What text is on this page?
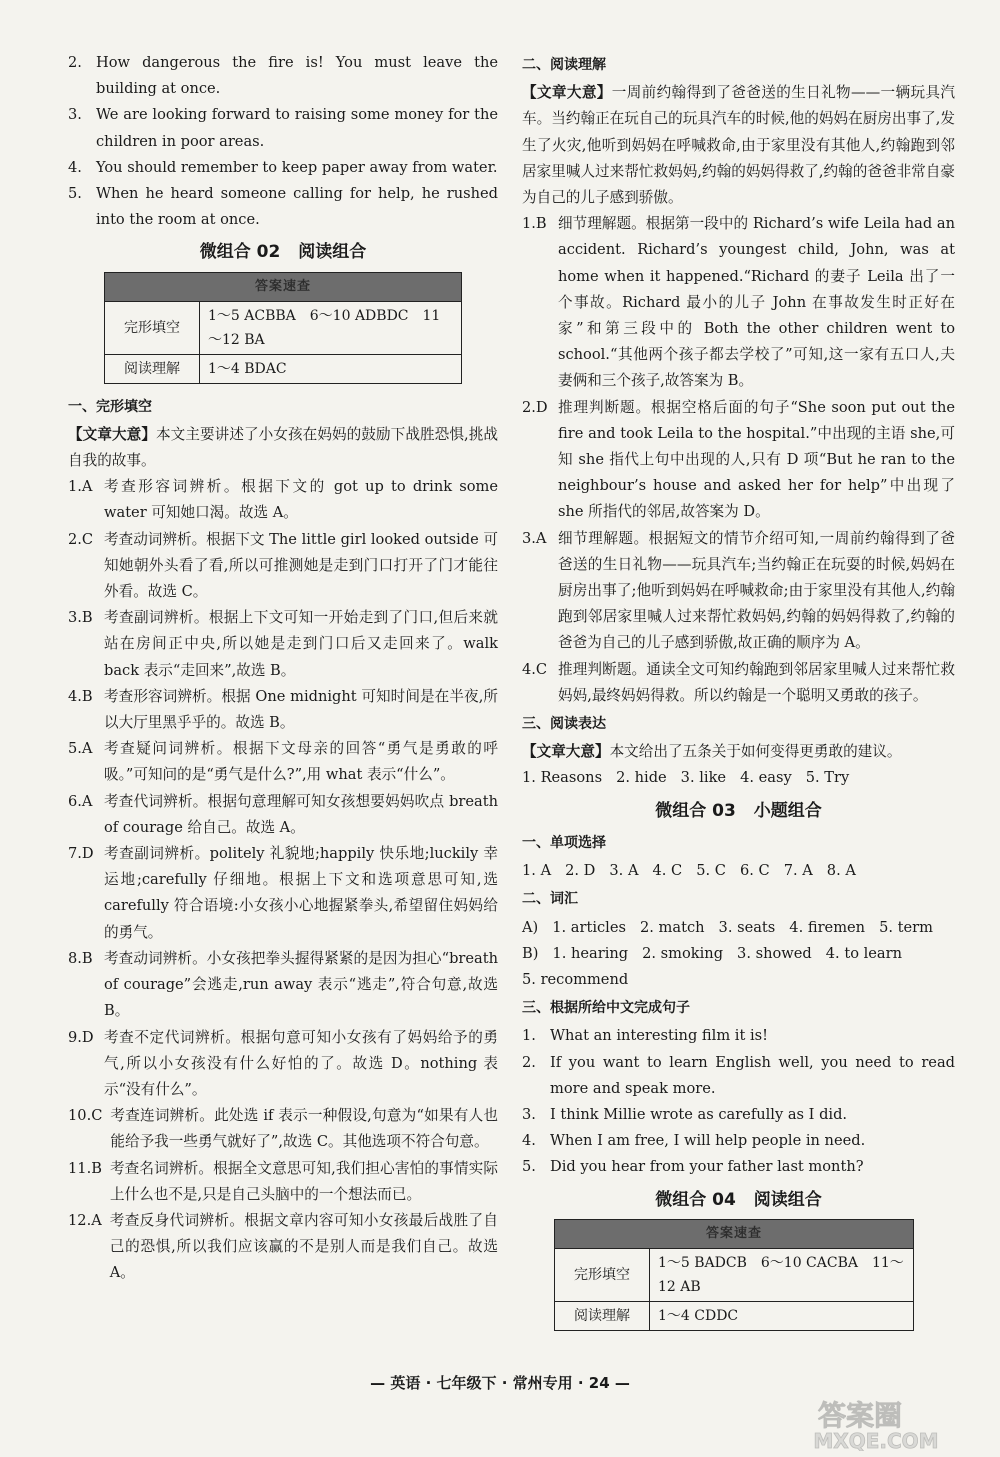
2. How dangerous the fire is! You must leave the building at once.
3. We are looking forward to raising some money for the children in poor areas.
4. You should remember to keep paper away from water.
5. When he heard someone calling for help, he rushed into the room at once.
微组合 02 阅读组合
答案速查	
完形填空	1～5 ACBBA　6～10 ADBDC　11～12 BA
阅读理解	1～4 BDAC
一、完形填空
【文章大意】本文主要讲述了小女孩在妈妈的鼓励下战胜恐惧,挑战自我的故事。
1.A 考查形容词辨析。根据下文的 got up to drink some water 可知她口渴。故选 A。
2.C 考查动词辨析。根据下文 The little girl looked outside 可知她朝外头看了看,所以可推测她是走到门口打开了门才能往外看。故选 C。
3.B 考查副词辨析。根据上下文可知一开始走到了门口,但后来就站在房间正中央,所以她是走到门口后又走回来了。walk back 表示“走回来”,故选 B。
4.B 考查形容词辨析。根据 One midnight 可知时间是在半夜,所以大厅里黑乎乎的。故选 B。
5.A 考查疑问词辨析。根据下文母亲的回答“勇气是勇敢的呼吸。”可知问的是“勇气是什么?”,用 what 表示“什么”。
6.A 考查代词辨析。根据句意理解可知女孩想要妈妈吹点 breath of courage 给自己。故选 A。
7.D 考查副词辨析。politely 礼貌地;happily 快乐地;luckily 幸运地;carefully 仔细地。根据上下文和选项意思可知,选 carefully 符合语境:小女孩小心地握紧拳头,希望留住妈妈给的勇气。
8.B 考查动词辨析。小女孩把拳头握得紧紧的是因为担心“breath of courage”会逃走,run away 表示“逃走”,符合句意,故选 B。
9.D 考查不定代词辨析。根据句意可知小女孩有了妈妈给予的勇气,所以小女孩没有什么好怕的了。故选 D。nothing 表示“没有什么”。
10.C 考查连词辨析。此处选 if 表示一种假设,句意为“如果有人也能给予我一些勇气就好了”,故选 C。其他选项不符合句意。
11.B 考查名词辨析。根据全文意思可知,我们担心害怕的事情实际上什么也不是,只是自己头脑中的一个想法而已。
12.A 考查反身代词辨析。根据文章内容可知小女孩最后战胜了自己的恐惧,所以我们应该赢的不是别人而是我们自己。故选 A。
二、阅读理解
【文章大意】一周前约翰得到了爸爸送的生日礼物——一辆玩具汽车。当约翰正在玩自己的玩具汽车的时候,他的妈妈在厨房出事了,发生了火灾,他听到妈妈在呼喊救命,由于家里没有其他人,约翰跑到邻居家里喊人过来帮忙救妈妈,约翰的妈妈得救了,约翰的爸爸非常自豪为自己的儿子感到骄傲。
1.B 细节理解题。根据第一段中的 Richard’s wife Leila had an accident. Richard’s youngest child, John, was at home when it happened.“Richard 的妻子 Leila 出了一个事故。Richard 最小的儿子 John 在事故发生时正好在家”和第三段中的 Both the other children went to school.“其他两个孩子都去学校了”可知,这一家有五口人,夫妻俩和三个孩子,故答案为 B。
2.D 推理判断题。根据空格后面的句子“She soon put out the fire and took Leila to the hospital.”中出现的主语 she,可知 she 指代上句中出现的人,只有 D 项“But he ran to the neighbour’s house and asked her for help”中出现了 she 所指代的邻居,故答案为 D。
3.A 细节理解题。根据短文的情节介绍可知,一周前约翰得到了爸爸送的生日礼物——玩具汽车;当约翰正在玩耍的时候,妈妈在厨房出事了;他听到妈妈在呼喊救命;由于家里没有其他人,约翰跑到邻居家里喊人过来帮忙救妈妈,约翰的妈妈得救了,约翰的爸爸为自己的儿子感到骄傲,故正确的顺序为 A。
4.C 推理判断题。通读全文可知约翰跑到邻居家里喊人过来帮忙救妈妈,最终妈妈得救。所以约翰是一个聪明又勇敢的孩子。
三、阅读表达
【文章大意】本文给出了五条关于如何变得更勇敢的建议。
1. Reasons 2. hide 3. like 4. easy 5. Try
微组合 03 小题组合
一、单项选择
1. A 2. D 3. A 4. C 5. C 6. C 7. A 8. A
二、词汇
A) 1. articles 2. match 3. seats 4. firemen 5. term
B) 1. hearing 2. smoking 3. showed 4. to learn
5. recommend
三、根据所给中文完成句子
1. What an interesting film it is!
2. If you want to learn English well, you need to read more and speak more.
3. I think Millie wrote as carefully as I did.
4. When I am free, I will help people in need.
5. Did you hear from your father last month?
微组合 04 阅读组合
答案速查	
完形填空	1～5 BADCB　6～10 CACBA　11～12 AB
阅读理解	1～4 CDDC
— 英语 · 七年级下 · 常州专用 · 24 —
答案圈
MXQE.COM
